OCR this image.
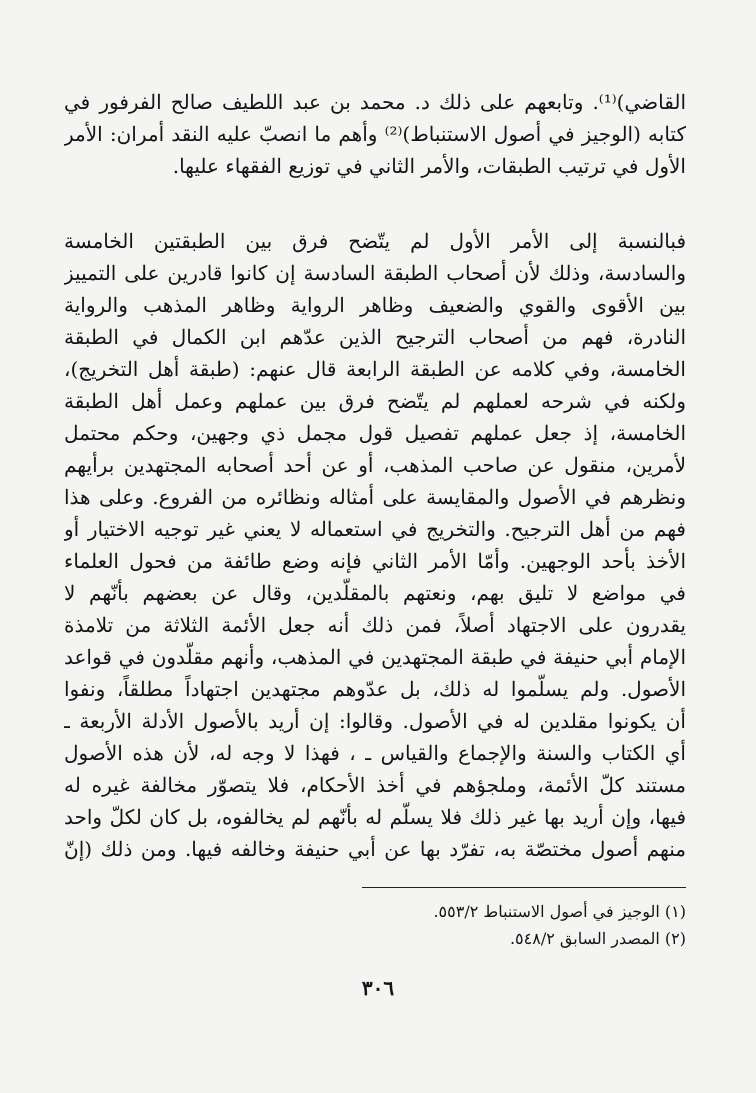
القاضي)⁽¹⁾. وتابعهم على ذلك د. محمد بن عبد اللطيف صالح الفرفور في
كتابه (الوجيز في أصول الاستنباط)⁽²⁾ وأهم ما انصبّ عليه النقد أمران: الأمر
الأول في ترتيب الطبقات، والأمر الثاني في توزيع الفقهاء عليها.
فبالنسبة إلى الأمر الأول لم يتّضح فرق بين الطبقتين الخامسة
والسادسة، وذلك لأن أصحاب الطبقة السادسة إن كانوا قادرين على التمييز
بين الأقوى والقوي والضعيف وظاهر الرواية وظاهر المذهب والرواية
النادرة، فهم من أصحاب الترجيح الذين عدّهم ابن الكمال في الطبقة
الخامسة، وفي كلامه عن الطبقة الرابعة قال عنهم: (طبقة أهل التخريج)،
ولكنه في شرحه لعملهم لم يتّضح فرق بين عملهم وعمل أهل الطبقة
الخامسة، إذ جعل عملهم تفصيل قول مجمل ذي وجهين، وحكم محتمل
لأمرين، منقول عن صاحب المذهب، أو عن أحد أصحابه المجتهدين برأيهم
ونظرهم في الأصول والمقايسة على أمثاله ونظائره من الفروع. وعلى هذا
فهم من أهل الترجيح. والتخريج في استعماله لا يعني غير توجيه الاختيار أو
الأخذ بأحد الوجهين. وأمّا الأمر الثاني فإنه وضع طائفة من فحول العلماء
في مواضع لا تليق بهم، ونعتهم بالمقلّدين، وقال عن بعضهم بأنّهم لا
يقدرون على الاجتهاد أصلاً، فمن ذلك أنه جعل الأئمة الثلاثة من تلامذة
الإمام أبي حنيفة في طبقة المجتهدين في المذهب، وأنهم مقلّدون في قواعد
الأصول. ولم يسلّموا له ذلك، بل عدّوهم مجتهدين اجتهاداً مطلقاً، ونفوا
أن يكونوا مقلدين له في الأصول. وقالوا: إن أريد بالأصول الأدلة الأربعة ـ
أي الكتاب والسنة والإجماع والقياس ـ ، فهذا لا وجه له، لأن هذه الأصول
مستند كلّ الأئمة، وملجؤهم في أخذ الأحكام، فلا يتصوّر مخالفة غيره له
فيها، وإن أريد بها غير ذلك فلا يسلّم له بأنّهم لم يخالفوه، بل كان لكلّ واحد
منهم أصول مختصّة به، تفرّد بها عن أبي حنيفة وخالفه فيها. ومن ذلك (إنّ
(١) الوجيز في أصول الاستنباط ٥٥٣/٢.
(٢) المصدر السابق ٥٤٨/٢.
٣٠٦
